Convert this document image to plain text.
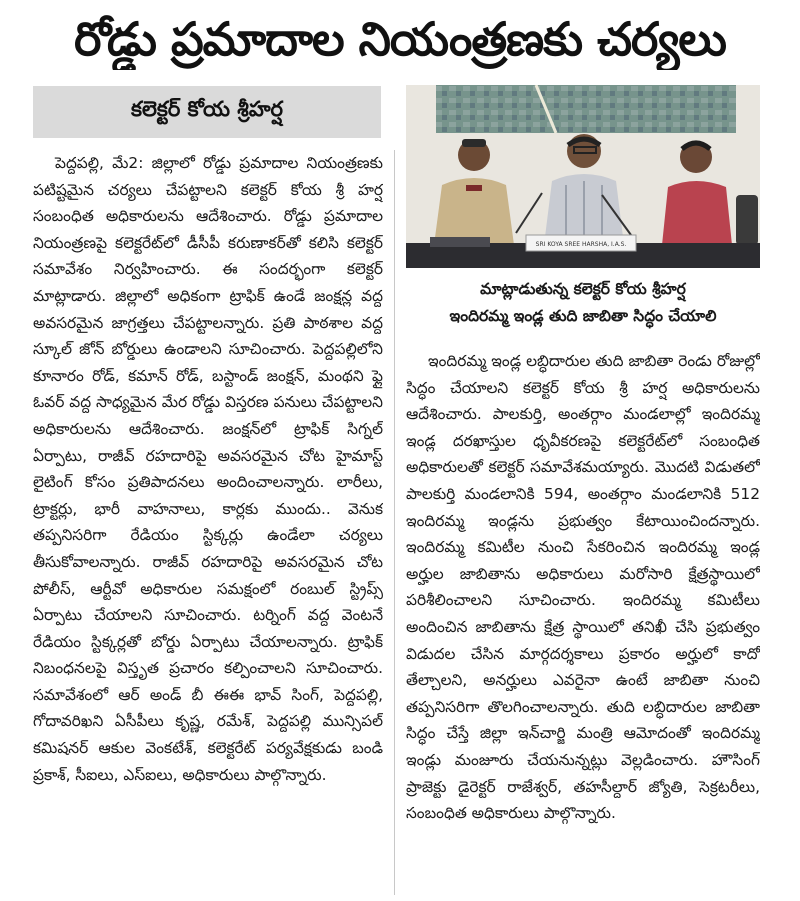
రోడ్డు ప్రమాదాల నియంత్రణకు చర్యలు
కలెక్టర్ కోయ శ్రీహర్ష

పెద్దపల్లి, మే2: జిల్లాలో రోడ్డు ప్రమాదాల నియంత్రణకు పటిష్టమైన చర్యలు చేపట్టాలని కలెక్టర్ కోయ శ్రీ హర్ష సంబంధిత అధికారులను ఆదేశించారు. రోడ్డు ప్రమాదాల నియంత్రణపై కలెక్టరేట్‌లో డీసీపీ కరుణాకర్‌తో కలిసి కలెక్టర్ సమావేశం నిర్వహించారు. ఈ సందర్భంగా కలెక్టర్ మాట్లాడారు. జిల్లాలో అధికంగా ట్రాఫిక్ ఉండే జంక్షన్ల వద్ద అవసరమైన జాగ్రత్తలు చేపట్టాలన్నారు. ప్రతి పాఠశాల వద్ద స్కూల్ జోన్ బోర్డులు ఉండాలని సూచించారు. పెద్దపల్లిలోని కూనారం రోడ్, కమాన్ రోడ్, బస్టాండ్ జంక్షన్, మంథని ఫ్లై ఓవర్ వద్ద సాధ్యమైన మేర రోడ్డు విస్తరణ పనులు చేపట్టాలని అధికారులను ఆదేశించారు. జంక్షన్‌లో ట్రాఫిక్ సిగ్నల్ ఏర్పాటు, రాజీవ్ రహదారిపై అవసరమైన చోట హైమాస్ట్ లైటింగ్ కోసం ప్రతిపాదనలు అందించాలన్నారు. లారీలు, ట్రాక్టర్లు, భారీ వాహనాలు, కార్లకు ముందు.. వెనుక తప్పనిసరిగా రేడియం స్టిక్కర్లు ఉండేలా చర్యలు తీసుకోవాలన్నారు. రాజీవ్ రహదారిపై అవసరమైన చోట పోలీస్, ఆర్టీవో అధికారుల సమక్షంలో రంబుల్ స్ట్రిప్స్ ఏర్పాటు చేయాలని సూచించారు. టర్నింగ్ వద్ద వెంటనే రేడియం స్టిక్కర్లతో బోర్డు ఏర్పాటు చేయాలన్నారు. ట్రాఫిక్ నిబంధనలపై విస్తృత ప్రచారం కల్పించాలని సూచించారు. సమావేశంలో ఆర్ అండ్ బీ ఈఈ భావ్ సింగ్, పెద్దపల్లి, గోదావరిఖని ఏసీపీలు కృష్ణ, రమేశ్, పెద్దపల్లి మున్సిపల్ కమిషనర్ ఆకుల వెంకటేశ్, కలెక్టరేట్ పర్యవేక్షకుడు బండి ప్రకాశ్, సీఐలు, ఎస్ఐలు, అధికారులు పాల్గొన్నారు.

SRI KOYA SREE HARSHA, I.A.S.
మాట్లాడుతున్న కలెక్టర్ కోయ శ్రీహర్ష
ఇందిరమ్మ ఇండ్ల తుది జాబితా సిద్ధం చేయాలి

ఇందిరమ్మ ఇండ్ల లబ్ధిదారుల తుది జాబితా రెండు రోజుల్లో సిద్ధం చేయాలని కలెక్టర్ కోయ శ్రీ హర్ష అధికారులను ఆదేశించారు. పాలకుర్తి, అంతర్గాం మండలాల్లో ఇందిరమ్మ ఇండ్ల దరఖాస్తుల ధృవీకరణపై కలెక్టరేట్‌లో సంబంధిత అధికారులతో కలెక్టర్ సమావేశమయ్యారు. మొదటి విడుతలో పాలకుర్తి మండలానికి 594, అంతర్గాం మండలానికి 512 ఇందిరమ్మ ఇండ్లను ప్రభుత్వం కేటాయించిందన్నారు. ఇందిరమ్మ కమిటీల నుంచి సేకరించిన ఇందిరమ్మ ఇండ్ల అర్హుల జాబితాను అధికారులు మరోసారి క్షేత్రస్థాయిలో పరిశీలించాలని సూచించారు. ఇందిరమ్మ కమిటీలు అందించిన జాబితాను క్షేత్ర స్థాయిలో తనిఖీ చేసి ప్రభుత్వం విడుదల చేసిన మార్గదర్శకాలు ప్రకారం అర్హులో కాదో తేల్చాలని, అనర్హులు ఎవరైనా ఉంటే జాబితా నుంచి తప్పనిసరిగా తొలగించాలన్నారు. తుది లబ్ధిదారుల జాబితా సిద్ధం చేస్తే జిల్లా ఇన్‌చార్జి మంత్రి ఆమోదంతో ఇందిరమ్మ ఇండ్లు మంజూరు చేయనున్నట్లు వెల్లడించారు. హౌసింగ్ ప్రాజెక్టు డైరెక్టర్ రాజేశ్వర్, తహసీల్దార్ జ్యోతి, సెక్రటరీలు, సంబంధిత అధికారులు పాల్గొన్నారు.
